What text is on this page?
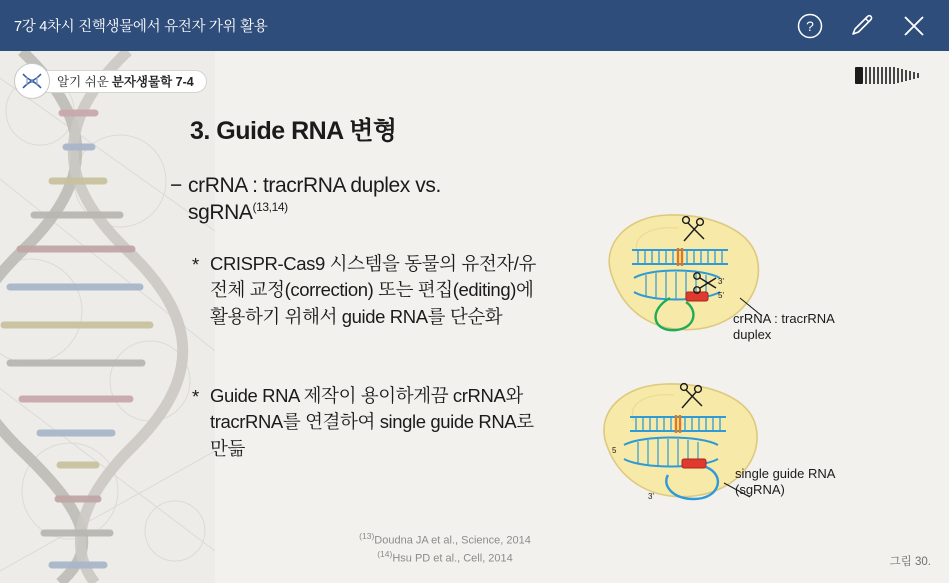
7강 4차시 진핵생물에서 유전자 가위 활용	?
알기 쉬운 분자생물학 7-4
3. Guide RNA 변형
− crRNA : tracrRNA duplex vs. sgRNA$^{(13,14)}$
* CRISPR-Cas9 시스템을 동물의 유전자/유전체 교정(correction) 또는 편집(editing)에 활용하기 위해서 guide RNA를 단순화
* Guide RNA 제작이 용이하게끔 crRNA와 tracrRNA를 연결하여 single guide RNA로 만듦
$^{(13)}$Doudna JA et al., Science, 2014
$^{(14)}$Hsu PD et al., Cell, 2014	그림 30.
3'
5'
crRNA : tracrRNA
duplex
5
3'
single guide RNA
(sgRNA)
